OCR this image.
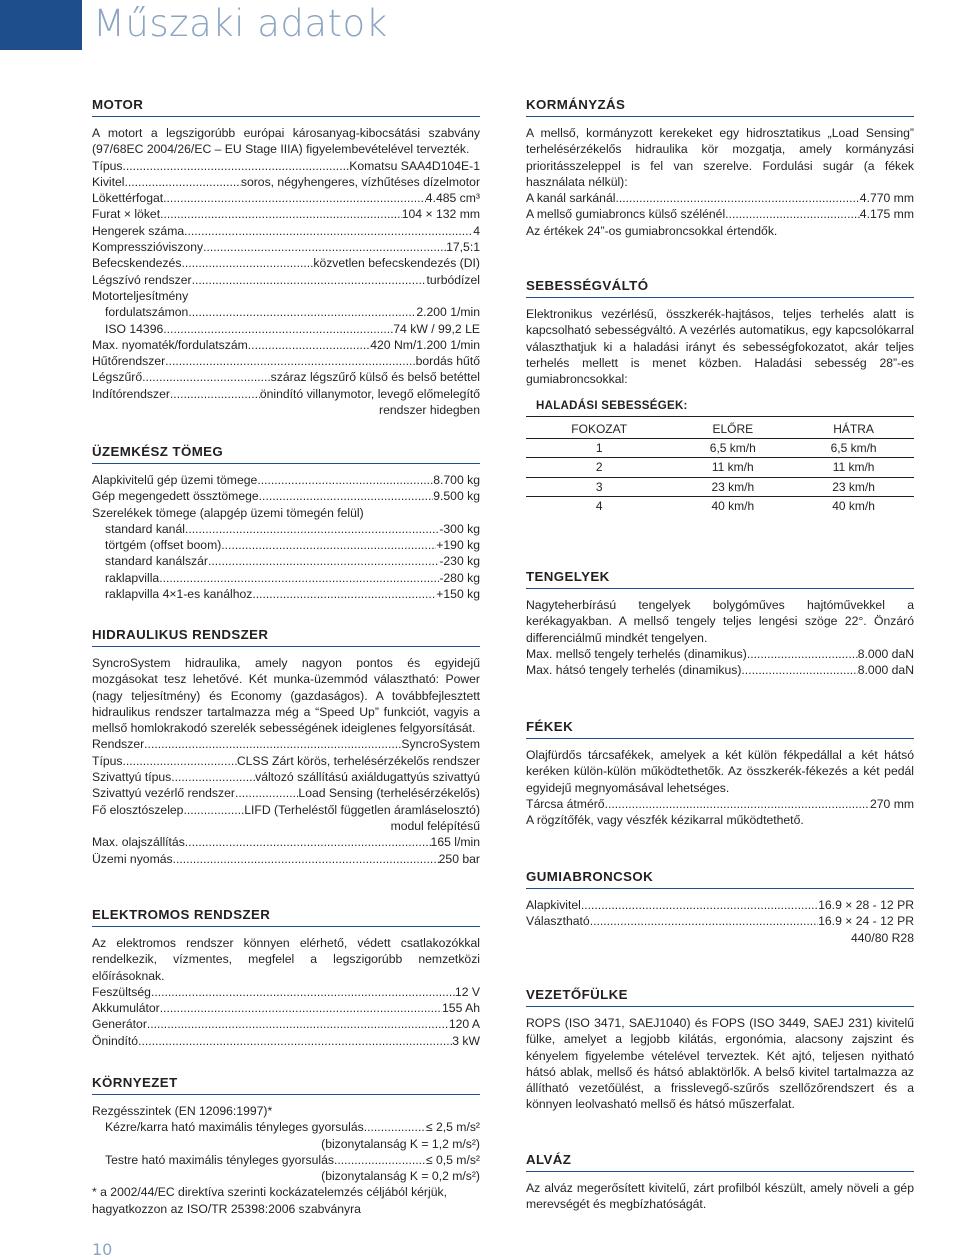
Műszaki adatok
MOTOR
A motort a legszigorúbb európai károsanyag-kibocsátási szabvány (97/68EC 2004/26/EC – EU Stage IIIA) figyelembevételével tervezték.
Típus .....	Komatsu SAA4D104E-1
Kivitel .....	soros, négyhengeres, vízhűtéses dízelmotor
Lökettérfogat .....	4.485 cm³
Furat × löket .....	104 × 132 mm
Hengerek száma .....	4
Kompresszióviszony .....	17,5:1
Befecskendezés .....	közvetlen befecskendezés (DI)
Légszívó rendszer .....	turbódízel
Motorteljesítmény
fordulatszámon .....	2.200 1/min
ISO 14396 .....	74 kW / 99,2 LE
Max. nyomaték/fordulatszám .....	420 Nm/1.200 1/min
Hűtőrendszer .....	bordás hűtő
Légszűrő .....	száraz légszűrő külső és belső betéttel
Indítórendszer .....	önindító villanymotor, levegő előmelegítő
rendszer hidegben
ÜZEMKÉSZ TÖMEG
Alapkivitelű gép üzemi tömege .....	8.700 kg
Gép megengedett össztömege .....	9.500 kg
Szerelékek tömege (alapgép üzemi tömegén felül)
standard kanál .....	-300 kg
törtgém (offset boom) .....	+190 kg
standard kanálszár .....	-230 kg
raklapvilla .....	-280 kg
raklapvilla 4×1-es kanálhoz .....	+150 kg
HIDRAULIKUS RENDSZER
SyncroSystem hidraulika, amely nagyon pontos és egyidejű mozgásokat tesz lehetővé. Két munka-üzemmód választható: Power (nagy teljesítmény) és Economy (gazdaságos). A továbbfejlesztett hidraulikus rendszer tartalmazza még a “Speed Up” funkciót, vagyis a mellső homlokrakodó szerelék sebességének ideiglenes felgyorsítását.
Rendszer .....	SyncroSystem
Típus .....	CLSS Zárt körös, terhelésérzékelős rendszer
Szivattyú típus .....	változó szállítású axiáldugattyús szivattyú
Szivattyú vezérlő rendszer .....	Load Sensing (terhelésérzékelős)
Fő elosztószelep .....	LIFD (Terheléstől független áramláselosztó)
modul felépítésű
Max. olajszállítás .....	165 l/min
Üzemi nyomás .....	250 bar
ELEKTROMOS RENDSZER
Az elektromos rendszer könnyen elérhető, védett csatlakozókkal rendelkezik, vízmentes, megfelel a legszigorúbb nemzetközi előírásoknak.
Feszültség .....	12 V
Akkumulátor .....	155 Ah
Generátor .....	120 A
Önindító .....	3 kW
KÖRNYEZET
Rezgésszintek (EN 12096:1997)*
Kézre/karra ható maximális tényleges gyorsulás .....	≤ 2,5 m/s²
(bizonytalanság K = 1,2 m/s²)
Testre ható maximális tényleges gyorsulás .....	≤ 0,5 m/s²
(bizonytalanság K = 0,2 m/s²)
* a 2002/44/EC direktíva szerinti kockázatelemzés céljából kérjük, hagyatkozzon az ISO/TR 25398:2006 szabványra
KORMÁNYZÁS
A mellső, kormányzott kerekeket egy hidrosztatikus „Load Sensing” terhelésérzékelős hidraulika kör mozgatja, amely kormányzási prioritásszeleppel is fel van szerelve. Fordulási sugár (a fékek használata nélkül):
A kanál sarkánál .....	4.770 mm
A mellső gumiabroncs külső szélénél .....	4.175 mm
Az értékek 24”-os gumiabroncsokkal értendők.
SEBESSÉGVÁLTÓ
Elektronikus vezérlésű, összkerék-hajtásos, teljes terhelés alatt is kapcsolható sebességváltó. A vezérlés automatikus, egy kapcsolókarral választhatjuk ki a haladási irányt és sebességfokozatot, akár teljes terhelés mellett is menet közben. Haladási sebesség 28”-es gumiabroncsokkal:
HALADÁSI SEBESSÉGEK:
FOKOZAT	ELŐRE	HÁTRA
1	6,5 km/h	6,5 km/h
2	11 km/h	11 km/h
3	23 km/h	23 km/h
4	40 km/h	40 km/h
TENGELYEK
Nagyteherbírású tengelyek bolygóműves hajtóművekkel a kerékagyakban. A mellső tengely teljes lengési szöge 22°. Önzáró differenciálmű mindkét tengelyen.
Max. mellső tengely terhelés (dinamikus) .....	8.000 daN
Max. hátsó tengely terhelés (dinamikus) .....	8.000 daN
FÉKEK
Olajfürdős tárcsafékek, amelyek a két külön fékpedállal a két hátsó keréken külön-külön működtethetők. Az összkerék-fékezés a két pedál egyidejű megnyomásával lehetséges.
Tárcsa átmérő .....	270 mm
A rögzítőfék, vagy vészfék kézikarral működtethető.
GUMIABRONCSOK
Alapkivitel .....	16.9 × 28 - 12 PR
Választható .....	16.9 × 24 - 12 PR
440/80 R28
VEZETŐFÜLKE
ROPS (ISO 3471, SAEJ1040) és FOPS (ISO 3449, SAEJ 231) kivitelű fülke, amelyet a legjobb kilátás, ergonómia, alacsony zajszint és kényelem figyelembe vételével terveztek. Két ajtó, teljesen nyitható hátsó ablak, mellső és hátsó ablaktörlők. A belső kivitel tartalmazza az állítható vezetőülést, a frisslevegő-szűrős szellőzőrendszert és a könnyen leolvasható mellső és hátsó műszerfalat.
ALVÁZ
Az alváz megerősített kivitelű, zárt profilból készült, amely növeli a gép merevségét és megbízhatóságát.
10
